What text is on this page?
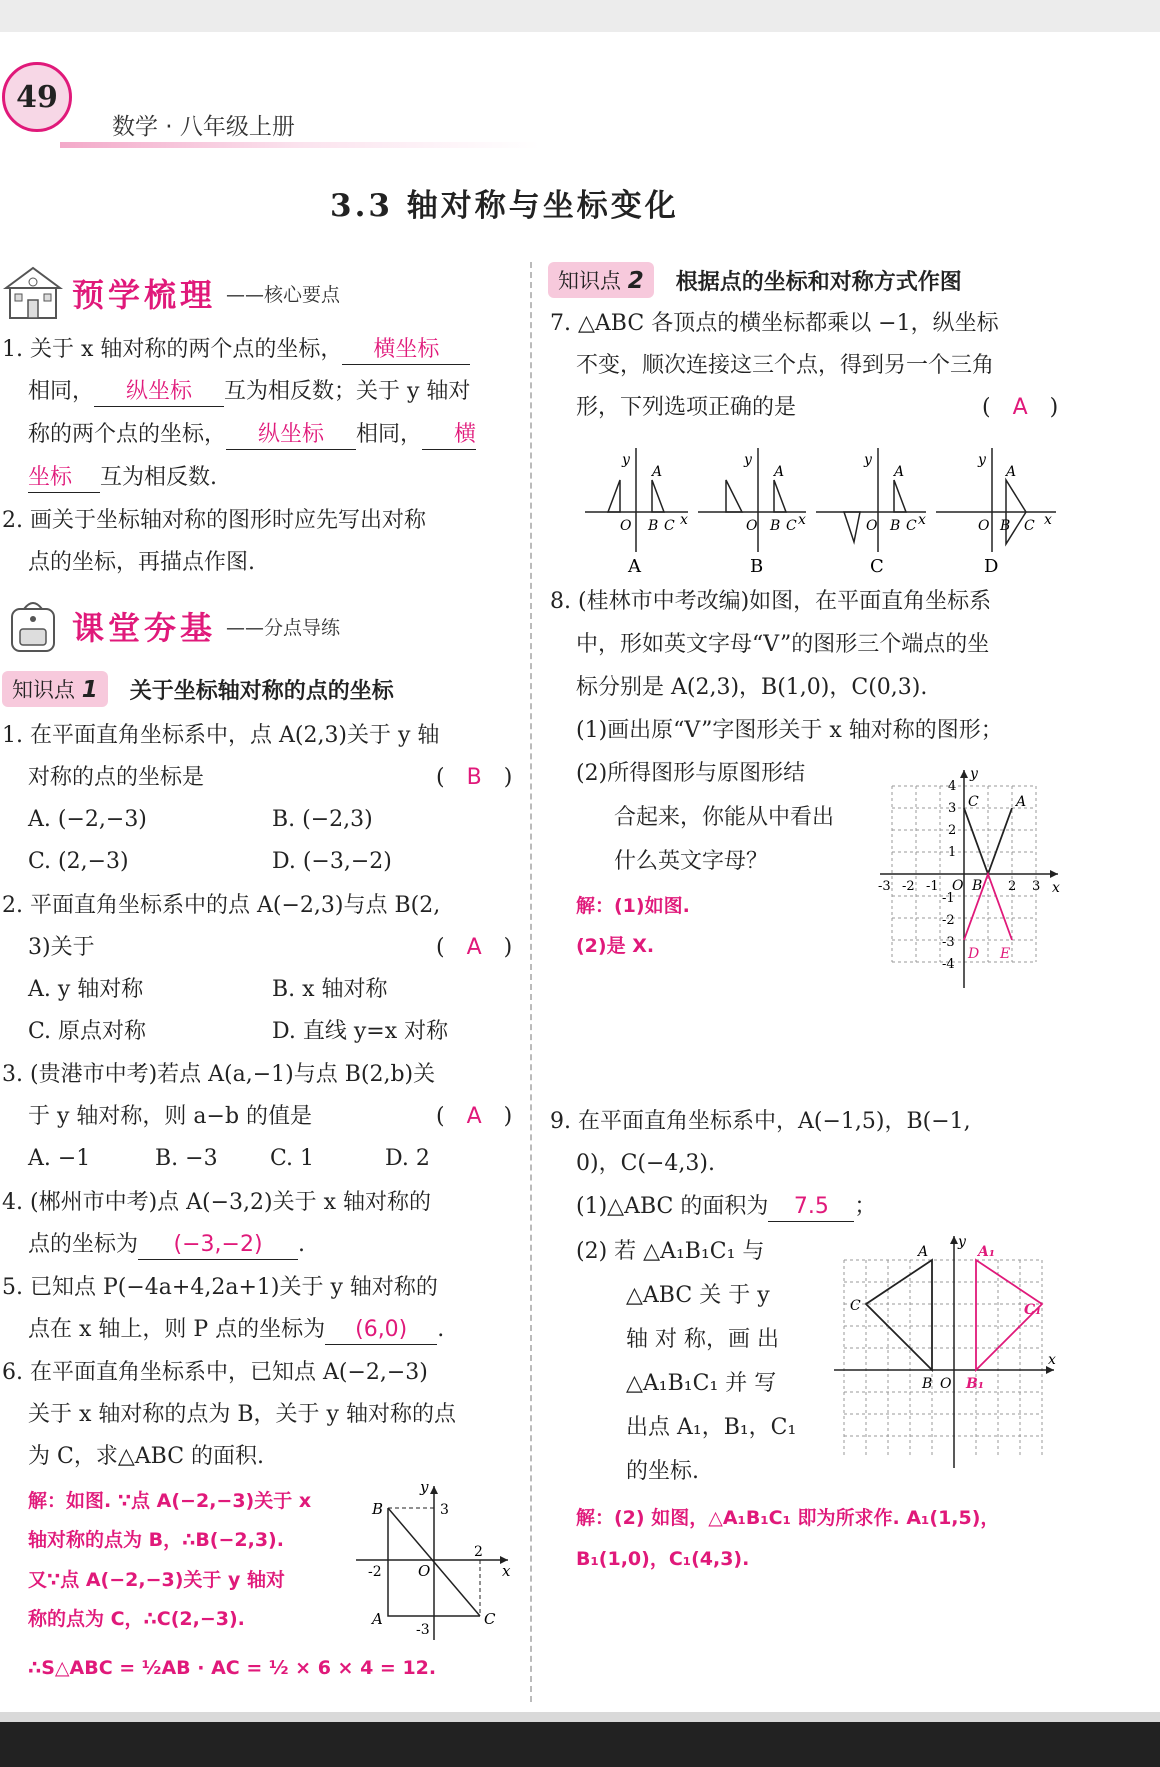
49
数学 · 八年级上册
3.3 轴对称与坐标变化
预学梳理 ——核心要点
1. 关于 x 轴对称的两个点的坐标， 横坐标
相同， 纵坐标 互为相反数；关于 y 轴对
称的两个点的坐标， 纵坐标 相同， 横
坐标 互为相反数.
2. 画关于坐标轴对称的图形时应先写出对称
点的坐标，再描点作图.
课堂夯基 ——分点导练
知识点 1	关于坐标轴对称的点的坐标
1. 在平面直角坐标系中，点 A(2,3)关于 y 轴
对称的点的坐标是	(　B　)
A. (−2,−3)	B. (−2,3)
C. (2,−3)	D. (−3,−2)
2. 平面直角坐标系中的点 A(−2,3)与点 B(2,
3)关于	(　A　)
A. y 轴对称	B. x 轴对称
C. 原点对称	D. 直线 y=x 对称
3. (贵港市中考)若点 A(a,−1)与点 B(2,b)关
于 y 轴对称，则 a−b 的值是	(　A　)
A. −1	B. −3 C. 1	D. 2
4. (郴州市中考)点 A(−3,2)关于 x 轴对称的
点的坐标为 (−3,−2) .
5. 已知点 P(−4a+4,2a+1)关于 y 轴对称的
点在 x 轴上，则 P 点的坐标为 (6,0) .
6. 在平面直角坐标系中，已知点 A(−2,−3)
关于 x 轴对称的点为 B，关于 y 轴对称的点
为 C，求△ABC 的面积.
解：如图. ∵点 A(−2,−3)关于 x
轴对称的点为 B，∴B(−2,3).
又∵点 A(−2,−3)关于 y 轴对
称的点为 C，∴C(2,−3).
∴S△ABC = ½AB · AC = ½ × 6 × 4 = 12.
B
A	C
O
y
x
3
2
-2
-3
知识点 2	根据点的坐标和对称方式作图
7. △ABC 各顶点的横坐标都乘以 −1，纵坐标
不变，顺次连接这三个点，得到另一个三角
形，下列选项正确的是	(　A　)
y
A
O B C x
A
y
A
O B C x
B
y
A
O B C x
C
y
A
O B C x
D
8. (桂林市中考改编)如图，在平面直角坐标系
中，形如英文字母“V”的图形三个端点的坐
标分别是 A(2,3)，B(1,0)，C(0,3).
(1)画出原“V”字图形关于 x 轴对称的图形；
(2)所得图形与原图形结
合起来，你能从中看出
什么英文字母？
解：(1)如图.
(2)是 X.
C	A
B
O
D E
y
x
-3 -2 -1	2 3
4
3
2
1
-1
-2
-3
-4
9. 在平面直角坐标系中，A(−1,5)，B(−1,
0)，C(−4,3).
(1)△ABC 的面积为 7.5 ；
(2) 若 △A₁B₁C₁ 与
△ABC 关 于 y
轴 对 称，画 出
△A₁B₁C₁ 并 写
出点 A₁，B₁，C₁
的坐标.
解：(2) 如图，△A₁B₁C₁ 即为所求作. A₁(1,5)，
B₁(1,0)，C₁(4,3).
A
C
B O
y
x
A₁
C₁
B₁
